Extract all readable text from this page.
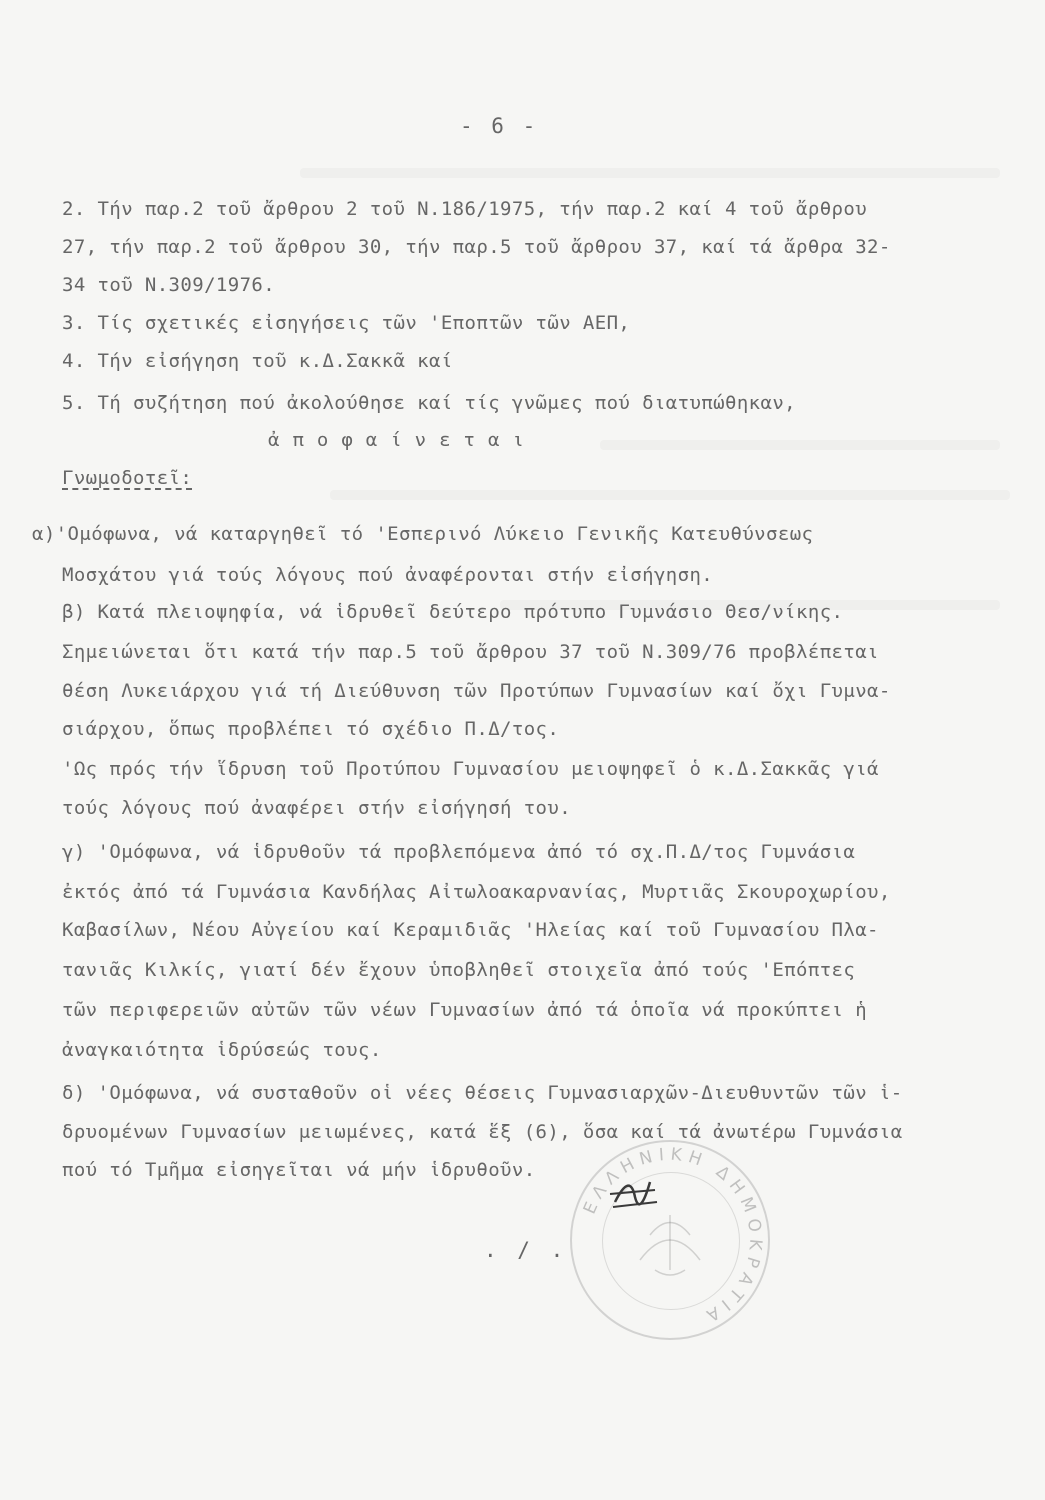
- 6 -
2. Τήν παρ.2 τοῦ ἄρθρου 2 τοῦ Ν.186/1975, τήν παρ.2 καί 4 τοῦ ἄρθρου
27, τήν παρ.2 τοῦ ἄρθρου 30, τήν παρ.5 τοῦ ἄρθρου 37, καί τά ἄρθρα 32-
34 τοῦ Ν.309/1976.
3. Τίς σχετικές εἰσηγήσεις τῶν 'Εποπτῶν τῶν ΑΕΠ,
4. Τήν εἰσήγηση τοῦ κ.Δ.Σακκᾶ καί
5. Τή συζήτηση πού ἀκολούθησε καί τίς γνῶμες πού διατυπώθηκαν,
ἀποφαίνεται
Γνωμοδοτεῖ:
α)'Ομόφωνα, νά καταργηθεῖ τό 'Εσπερινό Λύκειο Γενικῆς Κατευθύνσεως
Μοσχάτου γιά τούς λόγους πού ἀναφέρονται στήν εἰσήγηση.
β) Κατά πλειοψηφία, νά ἱδρυθεῖ δεύτερο πρότυπο Γυμνάσιο Θεσ/νίκης.
Σημειώνεται ὅτι κατά τήν παρ.5 τοῦ ἄρθρου 37 τοῦ Ν.309/76 προβλέπεται
θέση Λυκειάρχου γιά τή Διεύθυνση τῶν Προτύπων Γυμνασίων καί ὄχι Γυμνα-
σιάρχου, ὅπως προβλέπει τό σχέδιο Π.Δ/τος.
'Ως πρός τήν ἵδρυση τοῦ Προτύπου Γυμνασίου μειοψηφεῖ ὁ κ.Δ.Σακκᾶς γιά
τούς λόγους πού ἀναφέρει στήν εἰσήγησή του.
γ) 'Ομόφωνα, νά ἱδρυθοῦν τά προβλεπόμενα ἀπό τό σχ.Π.Δ/τος Γυμνάσια
ἐκτός ἀπό τά Γυμνάσια Κανδήλας Αἰτωλοακαρνανίας, Μυρτιᾶς Σκουροχωρίου,
Καβασίλων, Νέου Αὐγείου καί Κεραμιδιᾶς 'Ηλείας καί τοῦ Γυμνασίου Πλα-
τανιᾶς Κιλκίς, γιατί δέν ἔχουν ὑποβληθεῖ στοιχεῖα ἀπό τούς 'Επόπτες
τῶν περιφερειῶν αὐτῶν τῶν νέων Γυμνασίων ἀπό τά ὁποῖα νά προκύπτει ἡ
ἀναγκαιότητα ἱδρύσεώς τους.
δ) 'Ομόφωνα, νά συσταθοῦν οἱ νέες θέσεις Γυμνασιαρχῶν-Διευθυντῶν τῶν ἱ-
δρυομένων Γυμνασίων μειωμένες, κατά ἕξ (6), ὅσα καί τά ἀνωτέρω Γυμνάσια
πού τό Τμῆμα εἰσηγεῖται νά μήν ἱδρυθοῦν.
ΕΛΛΗΝΙΚΗ ΔΗΜΟΚΡΑΤΙΑ
. / .
